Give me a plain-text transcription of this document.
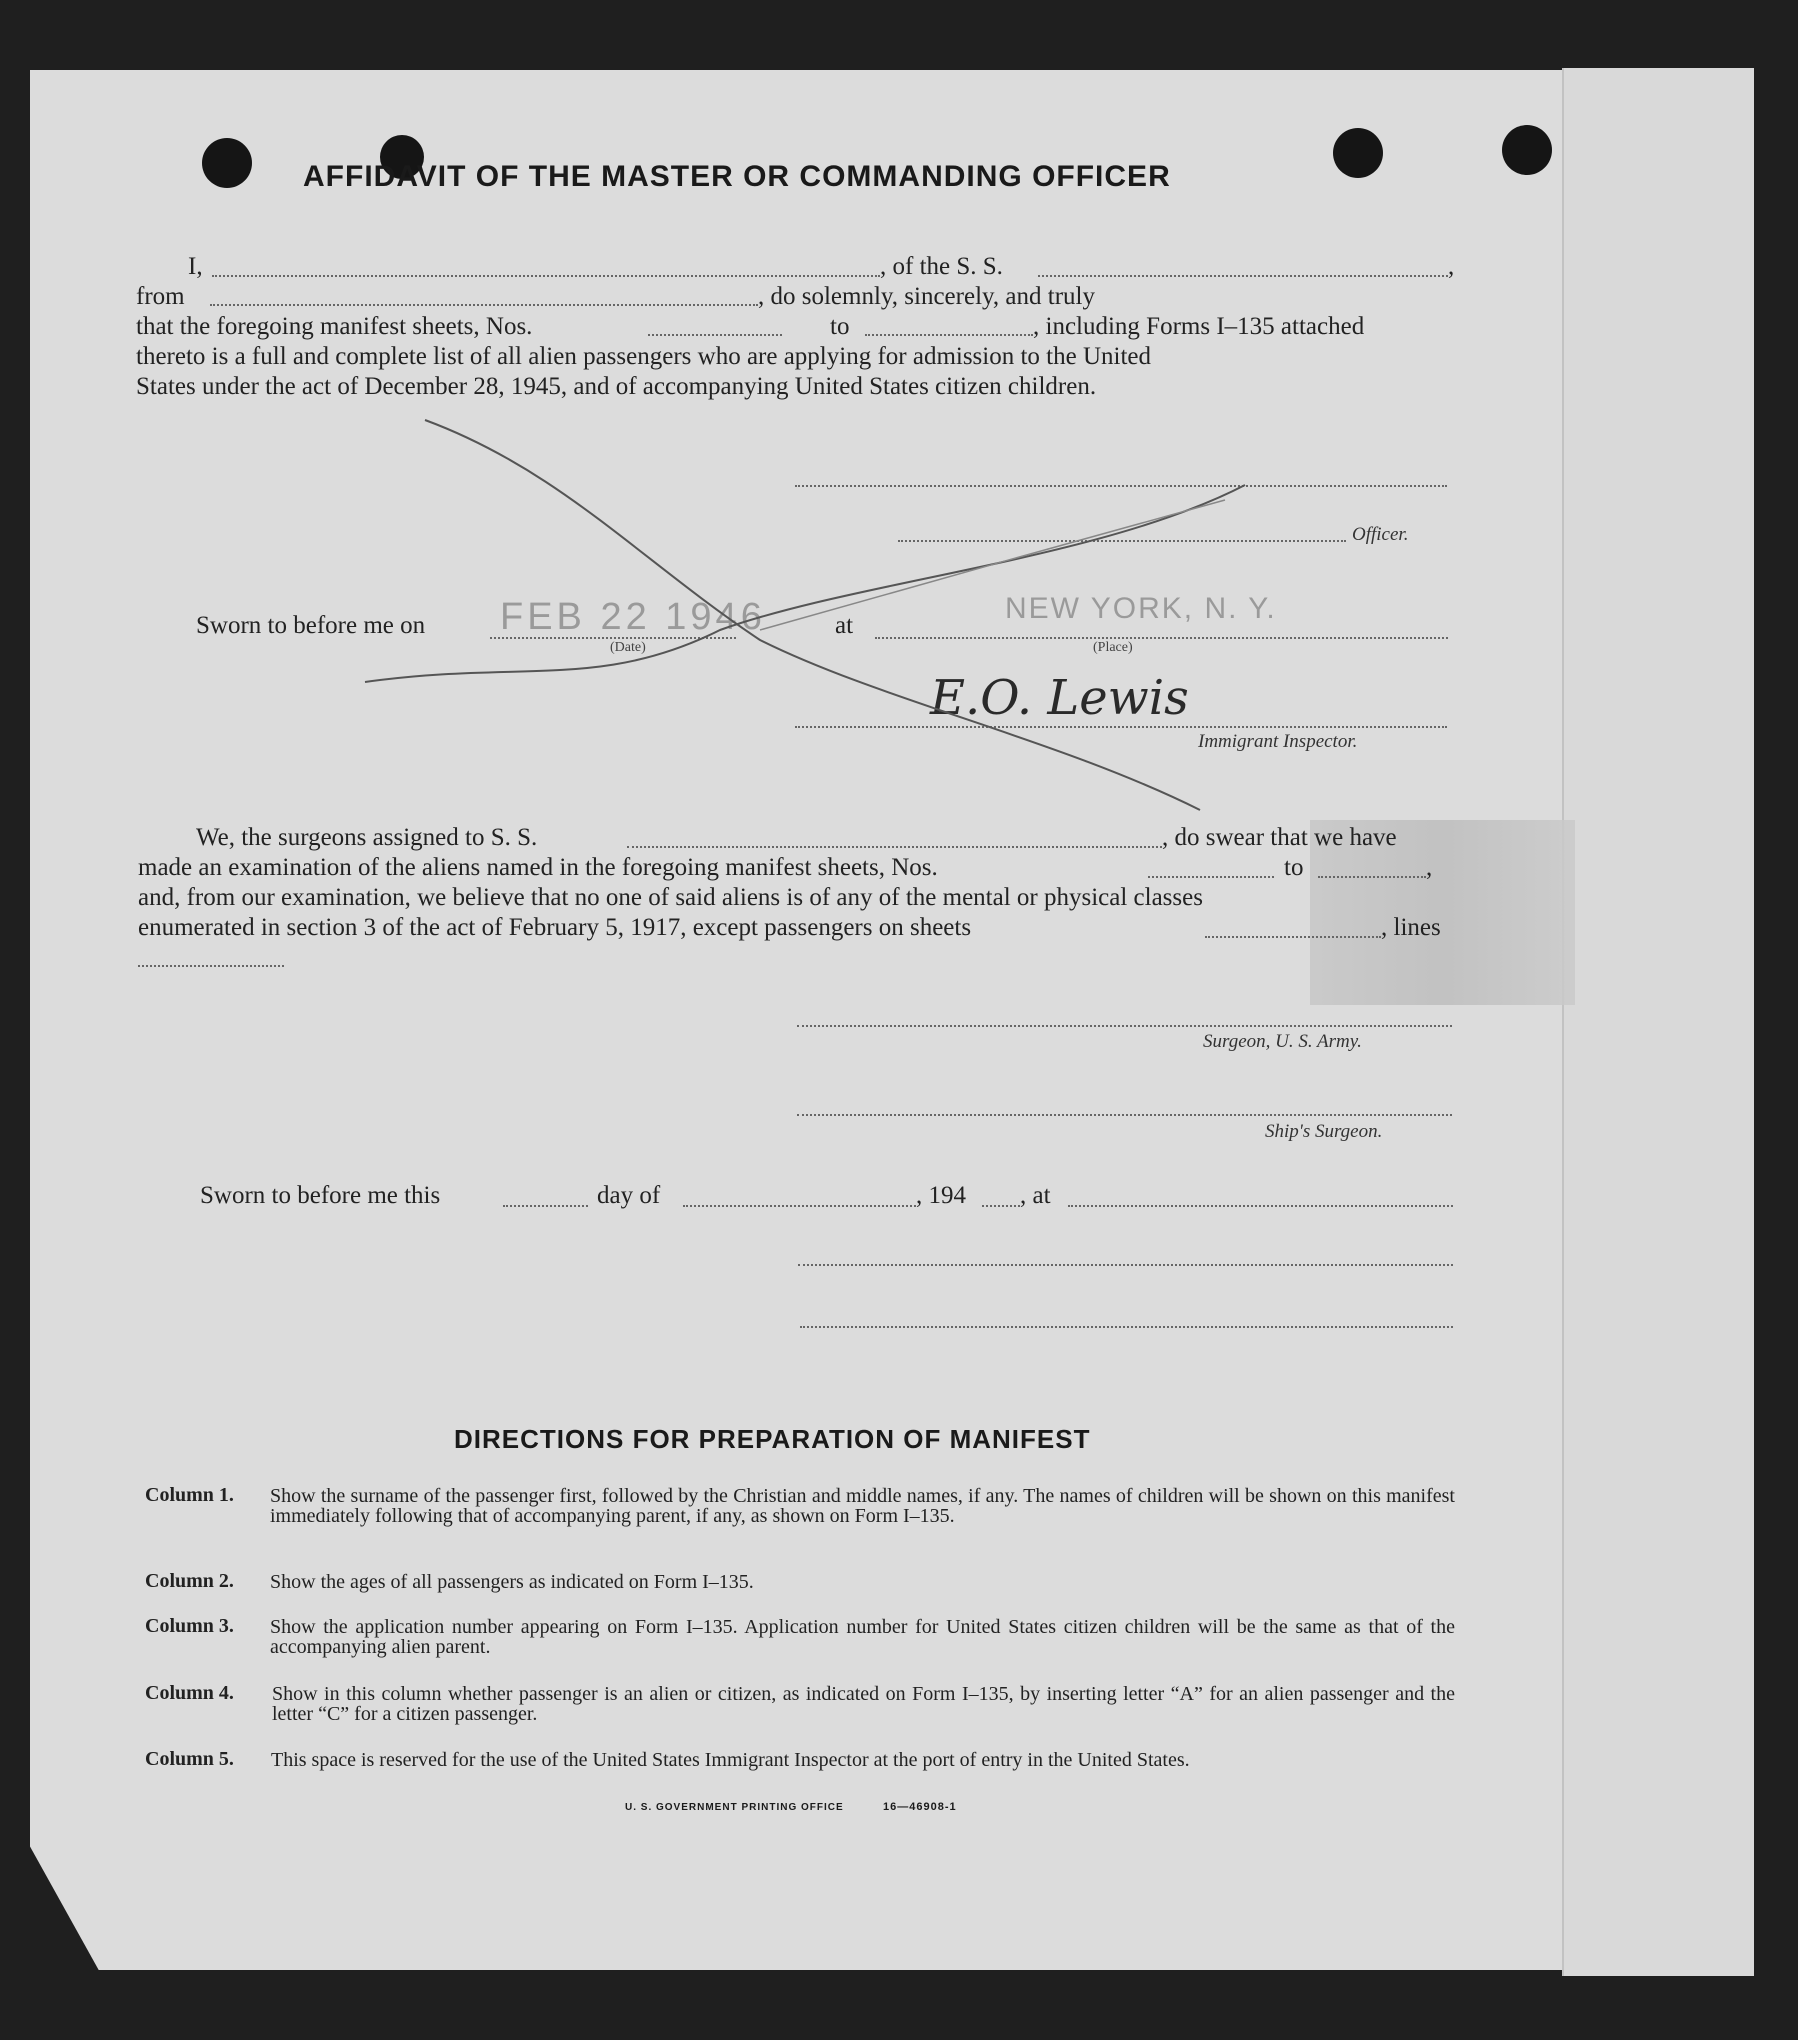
AFFIDAVIT OF THE MASTER OR COMMANDING OFFICER
I,	, of the S. S.	,
from	, do solemnly, sincerely, and truly
that the foregoing manifest sheets, Nos.	to	, including Forms I–135 attached
thereto is a full and complete list of all alien passengers who are applying for admission to the United
States under the act of December 28, 1945, and of accompanying United States citizen children.
Officer.
Sworn to before me on FEB 22 1946
(Date)
at
NEW YORK, N. Y.
(Place)
E.O. Lewis
Immigrant Inspector.
We, the surgeons assigned to S. S.	, do swear that we have
made an examination of the aliens named in the foregoing manifest sheets, Nos.	to	,
and, from our examination, we believe that no one of said aliens is of any of the mental or physical classes
enumerated in section 3 of the act of February 5, 1917, except passengers on sheets	, lines
Surgeon, U. S. Army.
Ship's Surgeon.
Sworn to before me this	day of	, 194 , at
DIRECTIONS FOR PREPARATION OF MANIFEST
Column 1. Show the surname of the passenger first, followed by the Christian and middle names, if any. The names of children will be shown on this manifest immediately following that of accompanying parent, if any, as shown on Form I–135.
Column 2. Show the ages of all passengers as indicated on Form I–135.
Column 3. Show the application number appearing on Form I–135. Application number for United States citizen children will be the same as that of the accompanying alien parent.
Column 4. Show in this column whether passenger is an alien or citizen, as indicated on Form I–135, by inserting letter “A” for an alien passenger and the letter “C” for a citizen passenger.
Column 5. This space is reserved for the use of the United States Immigrant Inspector at the port of entry in the United States.
U. S. GOVERNMENT PRINTING OFFICE	16—46908-1
